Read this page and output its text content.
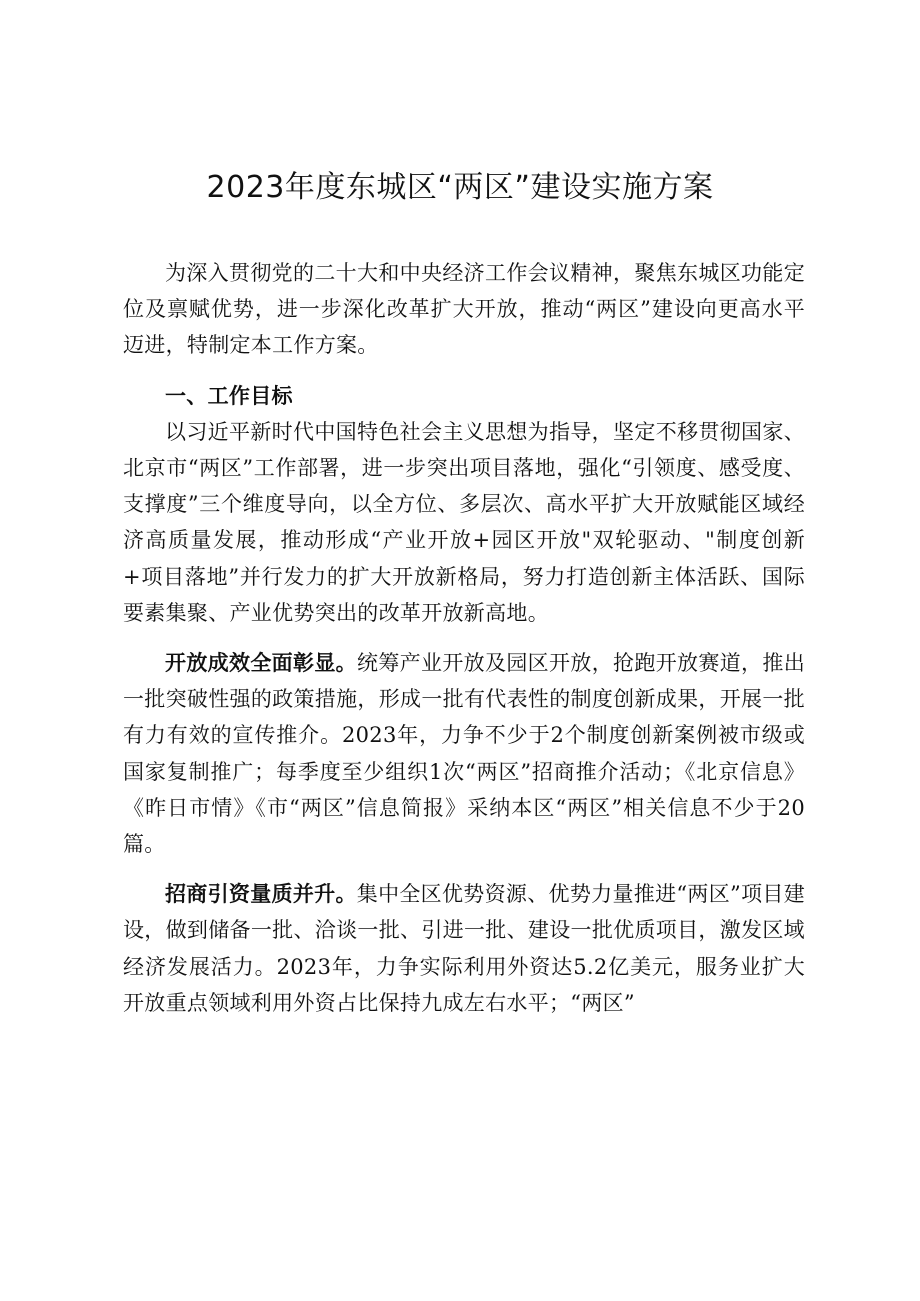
2023年度东城区“两区”建设实施方案

为深入贯彻党的二十大和中央经济工作会议精神，聚焦东城区功能定位及禀赋优势，进一步深化改革扩大开放，推动“两区”建设向更高水平迈进，特制定本工作方案。

一、工作目标

以习近平新时代中国特色社会主义思想为指导，坚定不移贯彻国家、北京市“两区”工作部署，进一步突出项目落地，强化“引领度、感受度、支撑度”三个维度导向，以全方位、多层次、高水平扩大开放赋能区域经济高质量发展，推动形成“产业开放+园区开放"双轮驱动、"制度创新+项目落地”并行发力的扩大开放新格局，努力打造创新主体活跃、国际要素集聚、产业优势突出的改革开放新高地。

开放成效全面彰显。统筹产业开放及园区开放，抢跑开放赛道，推出一批突破性强的政策措施，形成一批有代表性的制度创新成果，开展一批有力有效的宣传推介。2023年，力争不少于2个制度创新案例被市级或国家复制推广；每季度至少组织1次“两区”招商推介活动；《北京信息》《昨日市情》《市“两区”信息简报》采纳本区“两区”相关信息不少于20篇。

招商引资量质并升。集中全区优势资源、优势力量推进“两区”项目建设，做到储备一批、洽谈一批、引进一批、建设一批优质项目，激发区域经济发展活力。2023年，力争实际利用外资达5.2亿美元，服务业扩大开放重点领域利用外资占比保持九成左右水平；“两区”
